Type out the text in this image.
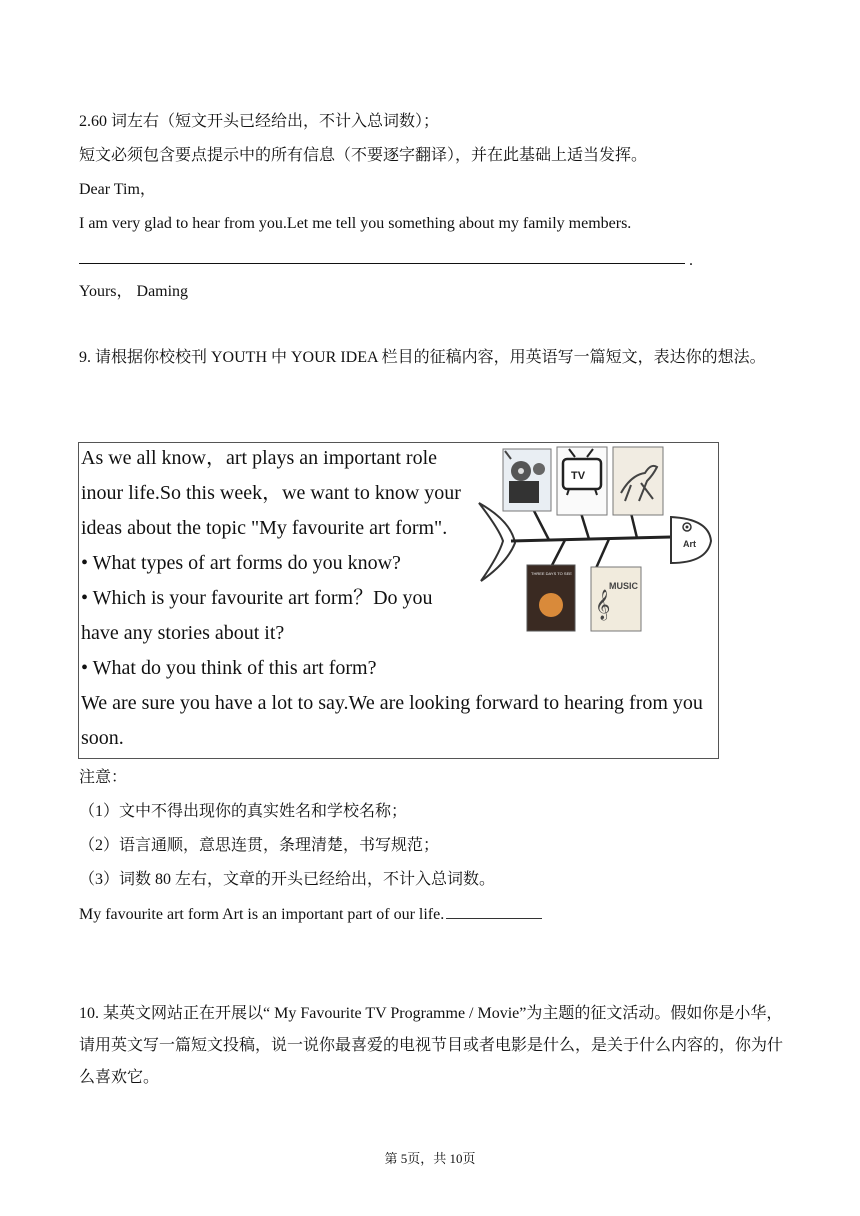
2.60 词左右（短文开头已经给出，不计入总词数）；
短文必须包含要点提示中的所有信息（不要逐字翻译），并在此基础上适当发挥。
Dear Tim，
I am very glad to hear from you.Let me tell you something about my family members.
.
Yours， Daming
9. 请根据你校校刊 YOUTH 中 YOUR IDEA 栏目的征稿内容，用英语写一篇短文，表达你的想法。
As we all know，art plays an important role
inour life.So this week，we want to know your
ideas about the topic "My favourite art form".
• What types of art forms do you know?
• Which is your favourite art form？Do you
have any stories about it?
• What do you think of this art form?
We are sure you have a lot to say.We are looking forward to hearing from you
soon.
Art
TV
THREE DAYS TO SEE
𝄞
MUSIC
注意：
（1）文中不得出现你的真实姓名和学校名称；
（2）语言通顺，意思连贯，条理清楚，书写规范；
（3）词数 80 左右，文章的开头已经给出，不计入总词数。
My favourite art form Art is an important part of our life.
10. 某英文网站正在开展以“ My Favourite TV Programme / Movie”为主题的征文活动。假如你是小华，请用英文写一篇短文投稿，说一说你最喜爱的电视节目或者电影是什么，是关于什么内容的，你为什么喜欢它。
第 5页，共 10页
